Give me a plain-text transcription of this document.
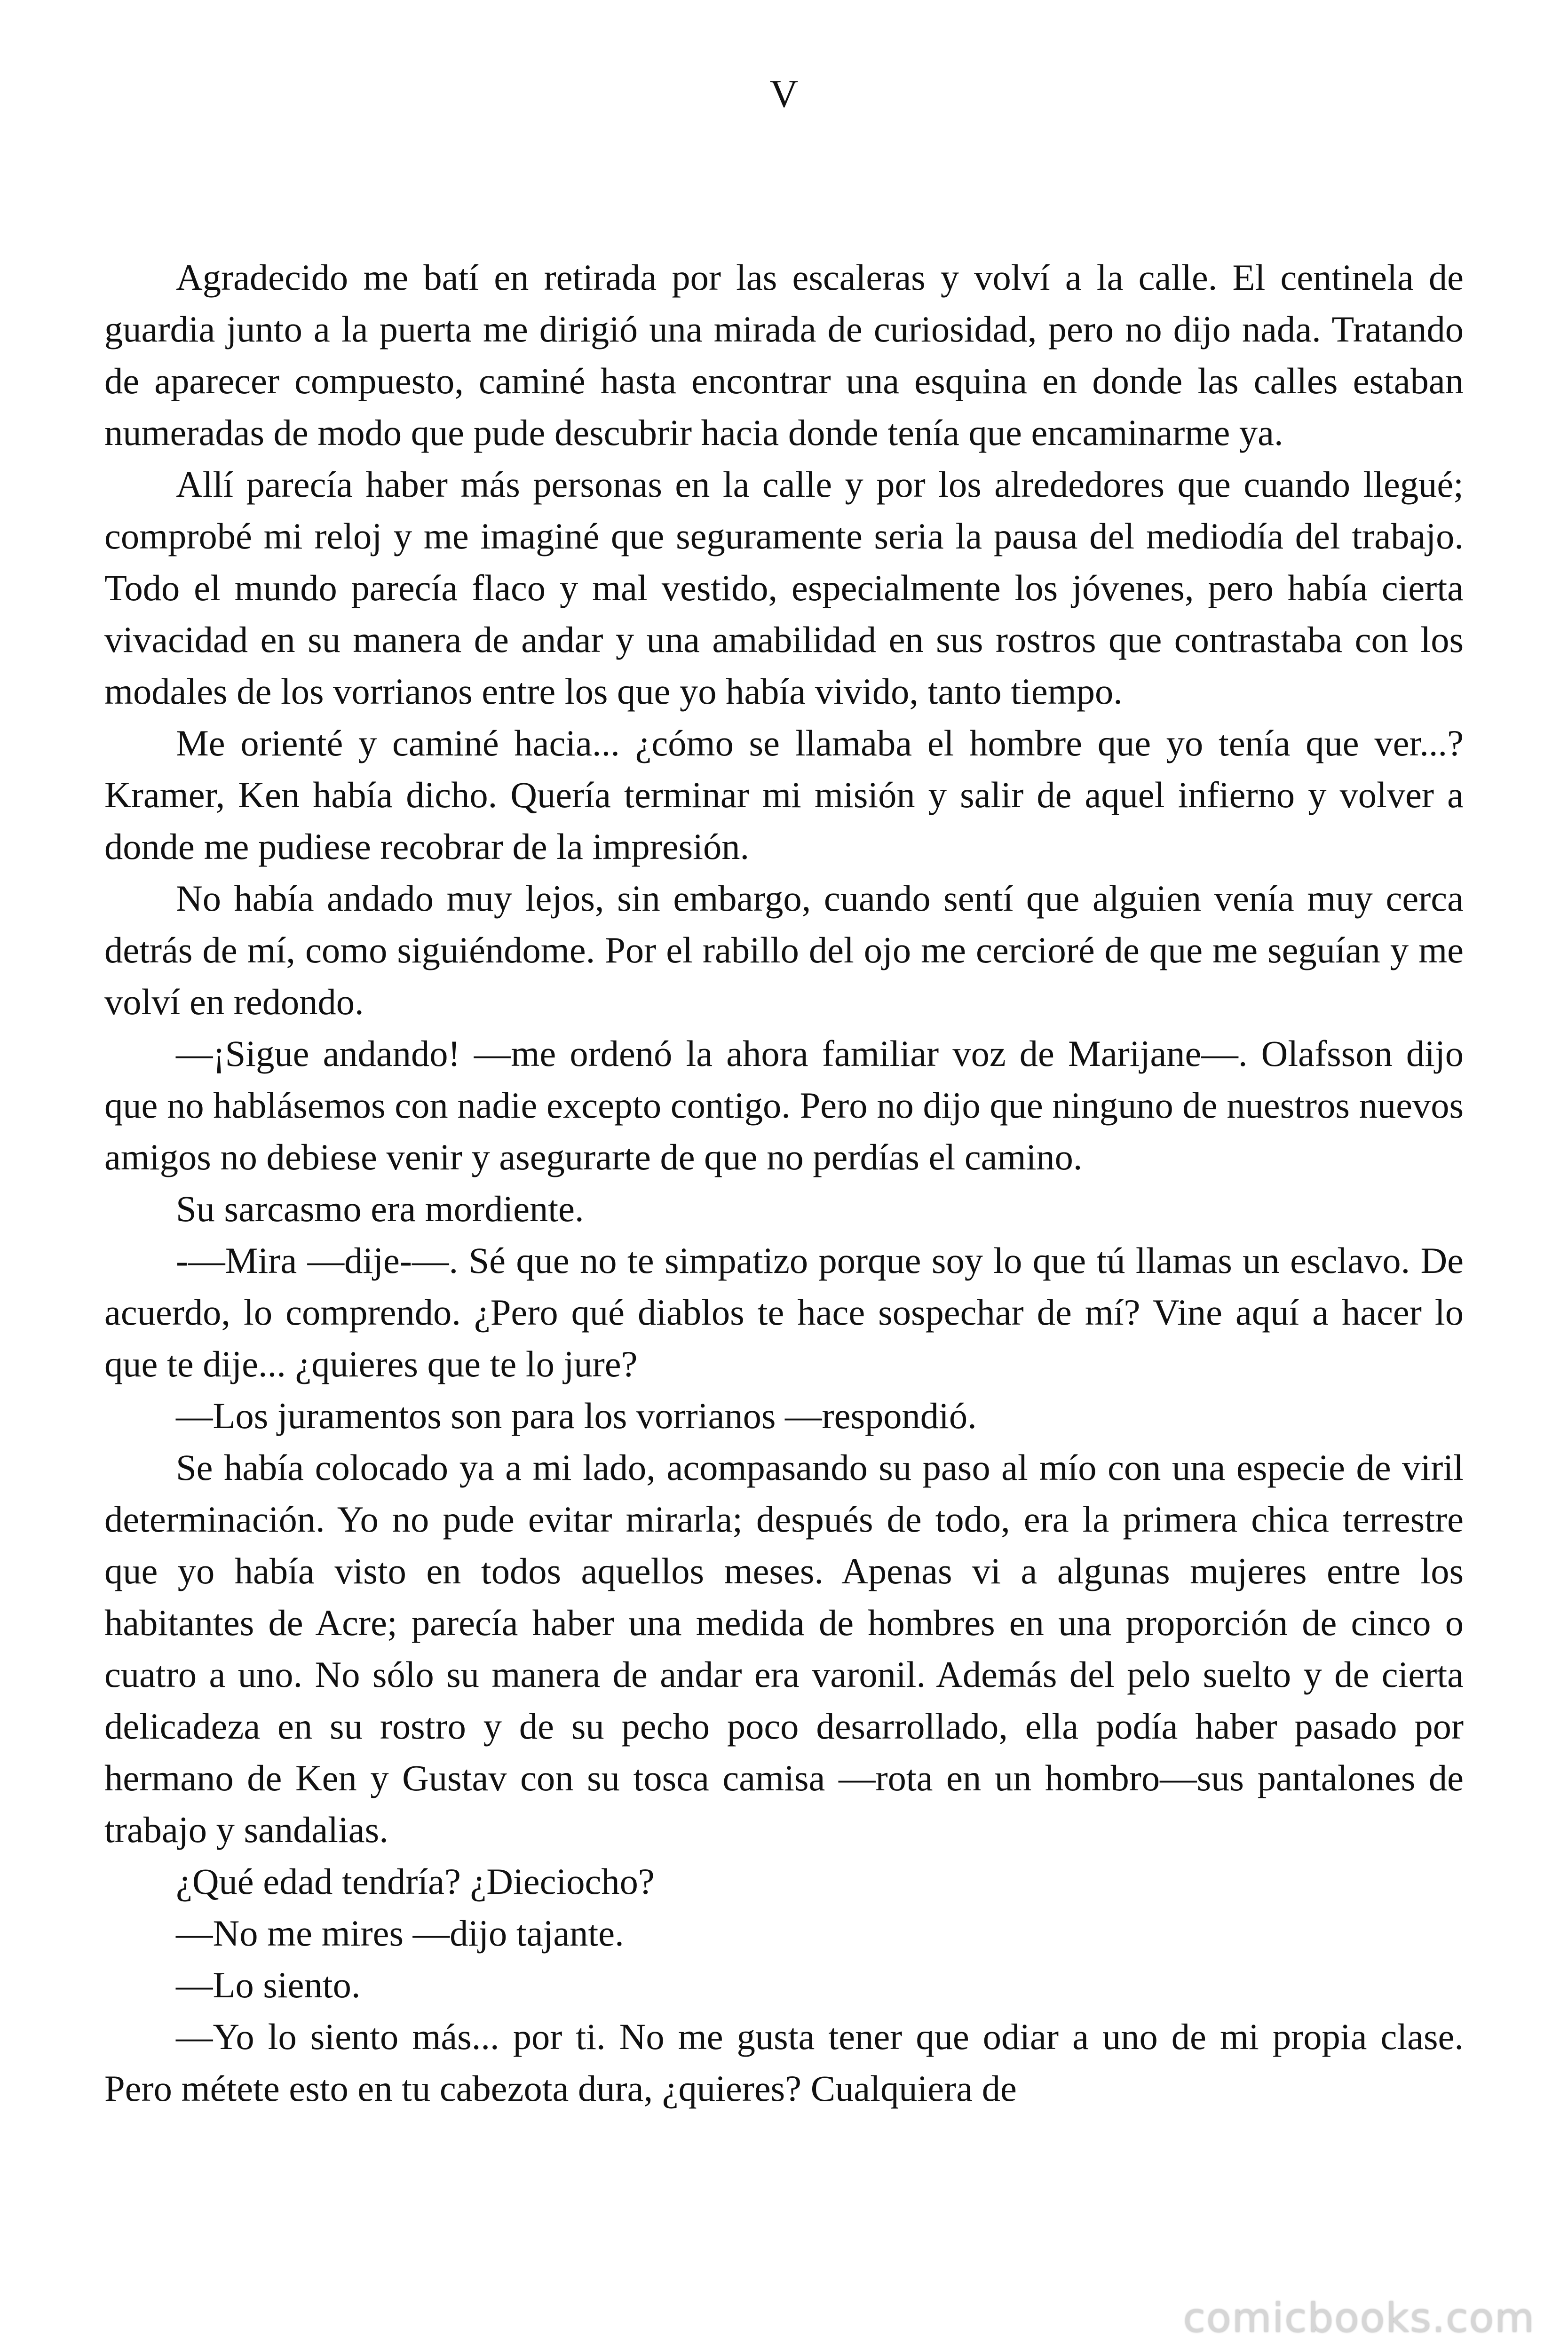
V

Agradecido me batí en retirada por las escaleras y volví a la calle. El centinela de guardia junto a la puerta me dirigió una mirada de curiosidad, pero no dijo nada. Tratando de aparecer compuesto, caminé hasta encontrar una esquina en donde las calles estaban numeradas de modo que pude descubrir hacia donde tenía que encaminarme ya.

Allí parecía haber más personas en la calle y por los alrededores que cuando llegué; comprobé mi reloj y me imaginé que seguramente seria la pausa del mediodía del trabajo. Todo el mundo parecía flaco y mal vestido, especialmente los jóvenes, pero había cierta vivacidad en su manera de andar y una amabilidad en sus rostros que contrastaba con los modales de los vorrianos entre los que yo había vivido, tanto tiempo.

Me orienté y caminé hacia... ¿cómo se llamaba el hombre que yo tenía que ver...? Kramer, Ken había dicho. Quería terminar mi misión y salir de aquel infierno y volver a donde me pudiese recobrar de la impresión.

No había andado muy lejos, sin embargo, cuando sentí que alguien venía muy cerca detrás de mí, como siguiéndome. Por el rabillo del ojo me cercioré de que me seguían y me volví en redondo.

—¡Sigue andando! —me ordenó la ahora familiar voz de Marijane—. Olafsson dijo que no hablásemos con nadie excepto contigo. Pero no dijo que ninguno de nuestros nuevos amigos no debiese venir y asegurarte de que no perdías el camino.

Su sarcasmo era mordiente.

-—Mira —dije-—. Sé que no te simpatizo porque soy lo que tú llamas un esclavo. De acuerdo, lo comprendo. ¿Pero qué diablos te hace sospechar de mí? Vine aquí a hacer lo que te dije... ¿quieres que te lo jure?

—Los juramentos son para los vorrianos —respondió.

Se había colocado ya a mi lado, acompasando su paso al mío con una especie de viril determinación. Yo no pude evitar mirarla; después de todo, era la primera chica terrestre que yo había visto en todos aquellos meses. Apenas vi a algunas mujeres entre los habitantes de Acre; parecía haber una medida de hombres en una proporción de cinco o cuatro a uno. No sólo su manera de andar era varonil. Además del pelo suelto y de cierta delicadeza en su rostro y de su pecho poco desarrollado, ella podía haber pasado por hermano de Ken y Gustav con su tosca camisa —rota en un hombro—sus pantalones de trabajo y sandalias.

¿Qué edad tendría? ¿Dieciocho?

—No me mires —dijo tajante.

—Lo siento.

—Yo lo siento más... por ti. No me gusta tener que odiar a uno de mi propia clase. Pero métete esto en tu cabezota dura, ¿quieres? Cualquiera de

comicbooks.com
